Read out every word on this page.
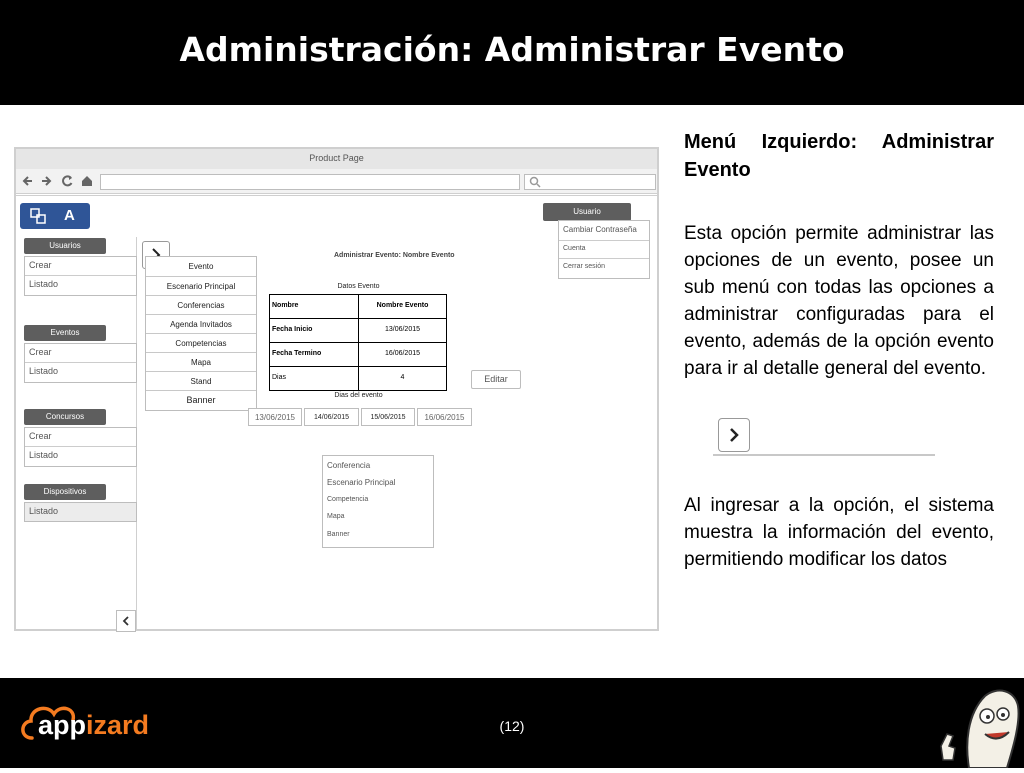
Administración: Administrar Evento
Menú Izquierdo: Administrar Evento
Esta opción permite administrar las opciones de un evento, posee un sub menú con todas las opciones a administrar configuradas para el evento, además de la opción evento para ir al detalle general del evento.
Al ingresar a la opción, el sistema muestra la información del evento, permitiendo modificar los datos
Product Page
A
Usuarios
Crear
Listado
Eventos
Crear
Listado
Concursos
Crear
Listado
Dispositivos
Listado
Evento
Escenario Principal
Conferencias
Agenda Invitados
Competencias
Mapa
Stand
Banner
Administrar Evento: Nombre Evento
Usuario
Cambiar Contraseña
Cuenta
Cerrar sesión
Datos Evento
Nombre	Nombre Evento
Fecha Inicio	13/06/2015
Fecha Termino	16/06/2015
Dias	4	Editar
Dias del evento
13/06/2015	14/06/2015	15/06/2015	16/06/2015
Conferencia
Escenario Principal
Competencia
Mapa
Banner
appizard	(12)
